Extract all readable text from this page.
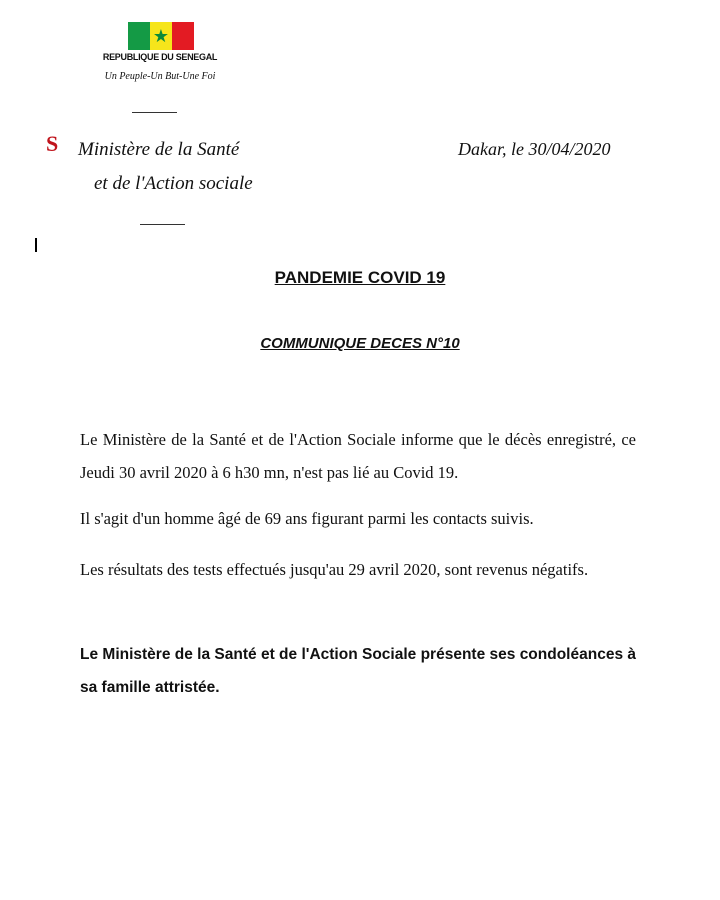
★
REPUBLIQUE DU SENEGAL
Un Peuple-Un But-Une Foi
S Ministère de la Santé
et de l'Action sociale
Dakar, le 30/04/2020
PANDEMIE COVID 19
COMMUNIQUE DECES N°10
Le Ministère de la Santé et de l'Action Sociale informe que le décès enregistré, ce Jeudi 30 avril 2020 à 6 h30 mn, n'est pas lié au Covid 19.
Il s'agit d'un homme âgé de 69 ans figurant parmi les contacts suivis.
Les résultats des tests effectués jusqu'au 29 avril 2020, sont revenus négatifs.
Le Ministère de la Santé et de l'Action Sociale présente ses condoléances à sa famille attristée.
